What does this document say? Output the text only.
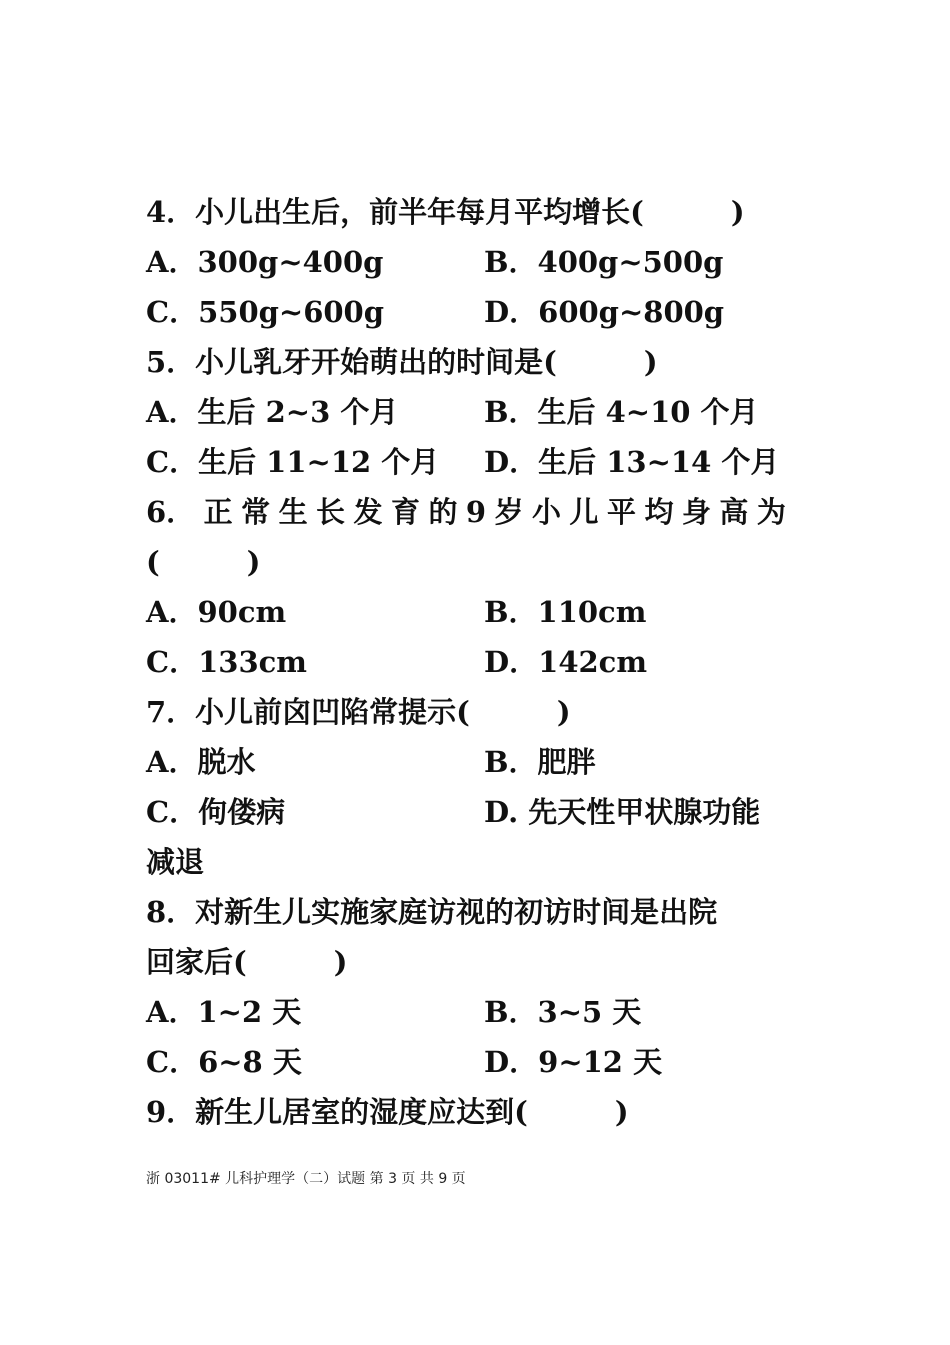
4．小儿出生后，前半年每月平均增长(　　　)
A．300g~400g	B．400g~500g
C．550g~600g	D．600g~800g
5．小儿乳牙开始萌出的时间是(　　　)
A．生后 2~3 个月	B．生后 4~10 个月
C．生后 11~12 个月 D．生后 13~14 个月
6． 正 常 生 长 发 育 的 9 岁 小 儿 平 均 身 高 为
(　　　)
A．90cm	B．110cm
C．133cm	D．142cm
7．小儿前囟凹陷常提示(　　　)
A．脱水	B．肥胖
C．佝偻病	D. 先天性甲状腺功能
减退
8．对新生儿实施家庭访视的初访时间是出院
回家后(　　　)
A．1~2 天	B．3~5 天
C．6~8 天	D．9~12 天
9．新生儿居室的湿度应达到(　　　)
浙 03011# 儿科护理学（二）试题 第 3 页 共 9 页
